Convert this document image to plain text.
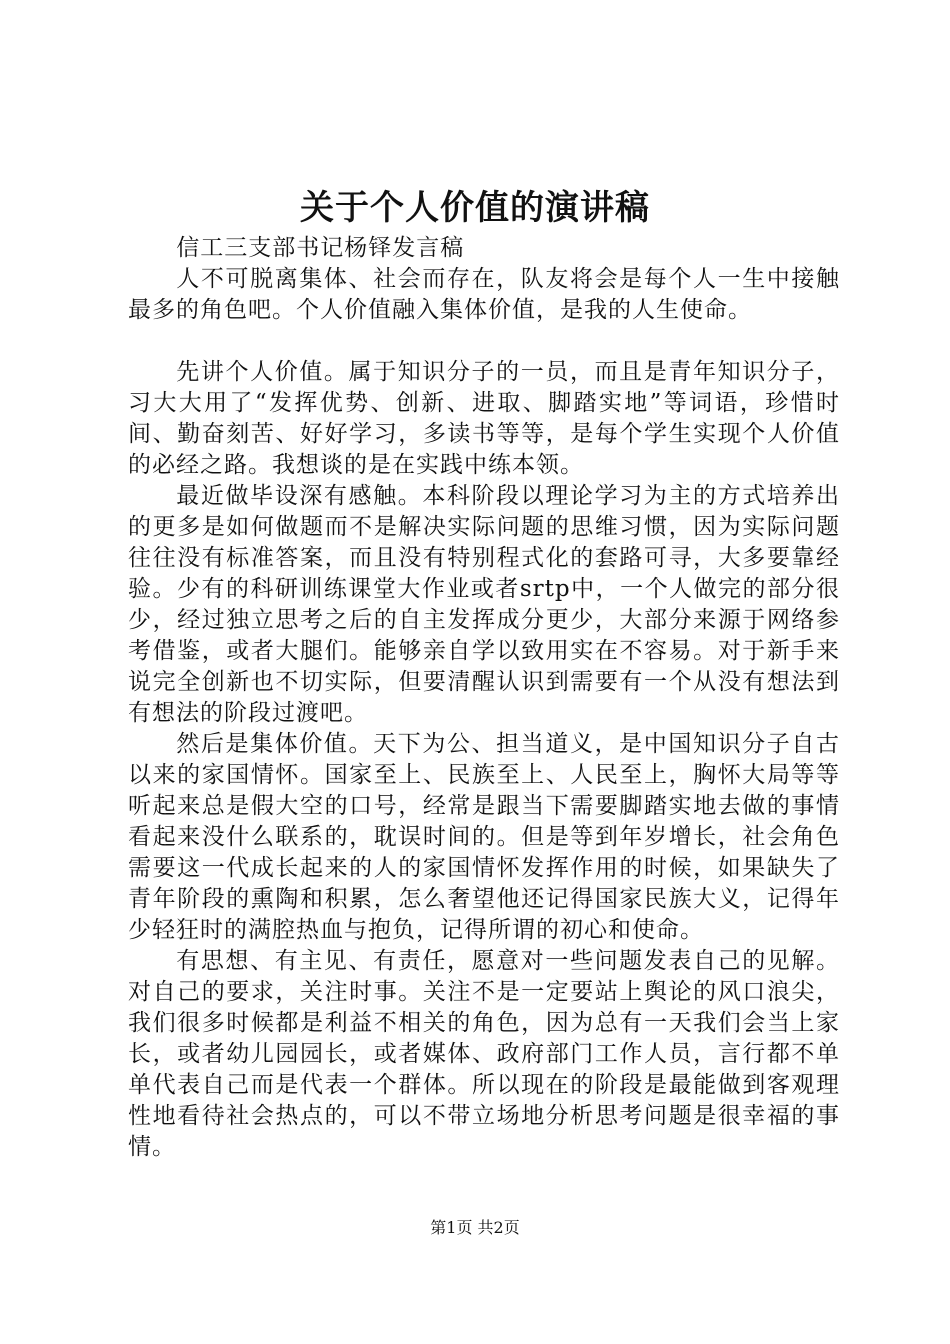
关于个人价值的演讲稿

信工三支部书记杨铎发言稿

人不可脱离集体、社会而存在，队友将会是每个人一生中接触最多的角色吧。个人价值融入集体价值，是我的人生使命。

先讲个人价值。属于知识分子的一员，而且是青年知识分子，习大大用了“发挥优势、创新、进取、脚踏实地”等词语，珍惜时间、勤奋刻苦、好好学习，多读书等等，是每个学生实现个人价值的必经之路。我想谈的是在实践中练本领。

最近做毕设深有感触。本科阶段以理论学习为主的方式培养出的更多是如何做题而不是解决实际问题的思维习惯，因为实际问题往往没有标准答案，而且没有特别程式化的套路可寻，大多要靠经验。少有的科研训练课堂大作业或者srtp中，一个人做完的部分很少，经过独立思考之后的自主发挥成分更少，大部分来源于网络参考借鉴，或者大腿们。能够亲自学以致用实在不容易。对于新手来说完全创新也不切实际，但要清醒认识到需要有一个从没有想法到有想法的阶段过渡吧。

然后是集体价值。天下为公、担当道义，是中国知识分子自古以来的家国情怀。国家至上、民族至上、人民至上，胸怀大局等等听起来总是假大空的口号，经常是跟当下需要脚踏实地去做的事情看起来没什么联系的，耽误时间的。但是等到年岁增长，社会角色需要这一代成长起来的人的家国情怀发挥作用的时候，如果缺失了青年阶段的熏陶和积累，怎么奢望他还记得国家民族大义，记得年少轻狂时的满腔热血与抱负，记得所谓的初心和使命。

有思想、有主见、有责任，愿意对一些问题发表自己的见解。对自己的要求，关注时事。关注不是一定要站上舆论的风口浪尖，我们很多时候都是利益不相关的角色，因为总有一天我们会当上家长，或者幼儿园园长，或者媒体、政府部门工作人员，言行都不单单代表自己而是代表一个群体。所以现在的阶段是最能做到客观理性地看待社会热点的，可以不带立场地分析思考问题是很幸福的事情。

第1页 共2页
